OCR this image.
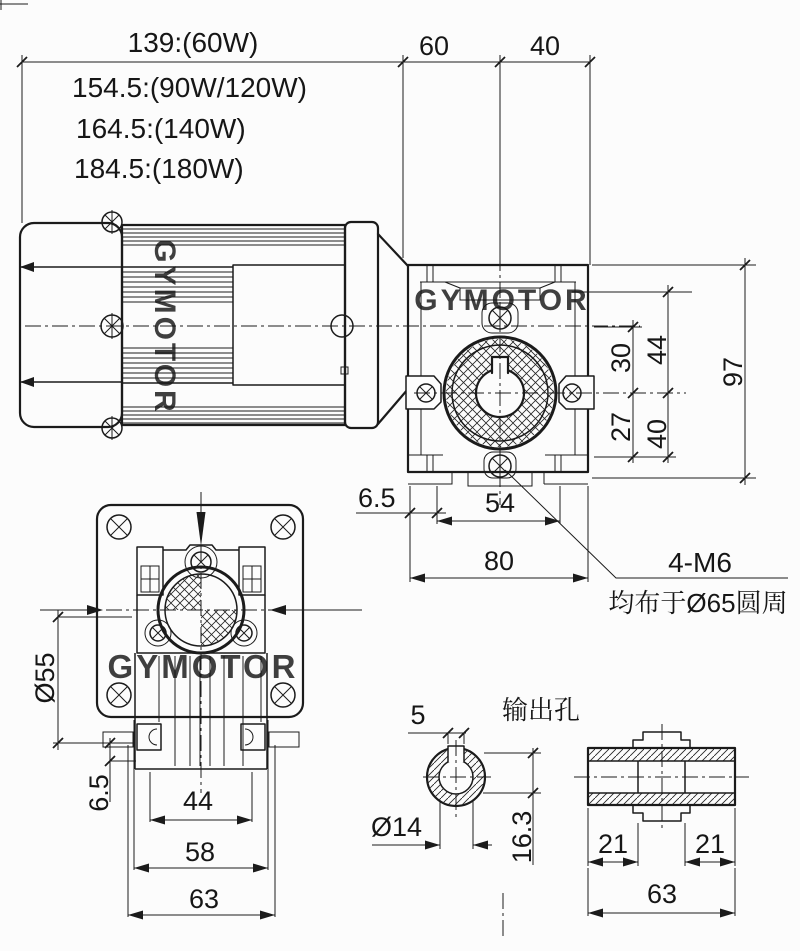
139:(60W)
154.5:(90W/120W)
164.5:(140W)
184.5:(180W)
60	40
30
27
44
40
97
6.5	54
80	4-M6
均布于Ø65圆周
Ø55
6.5	44
58
63
5	输出孔
Ø14	16.3 21 21
63
GYMOTOR	GYMOTOR
GYMOTOR
